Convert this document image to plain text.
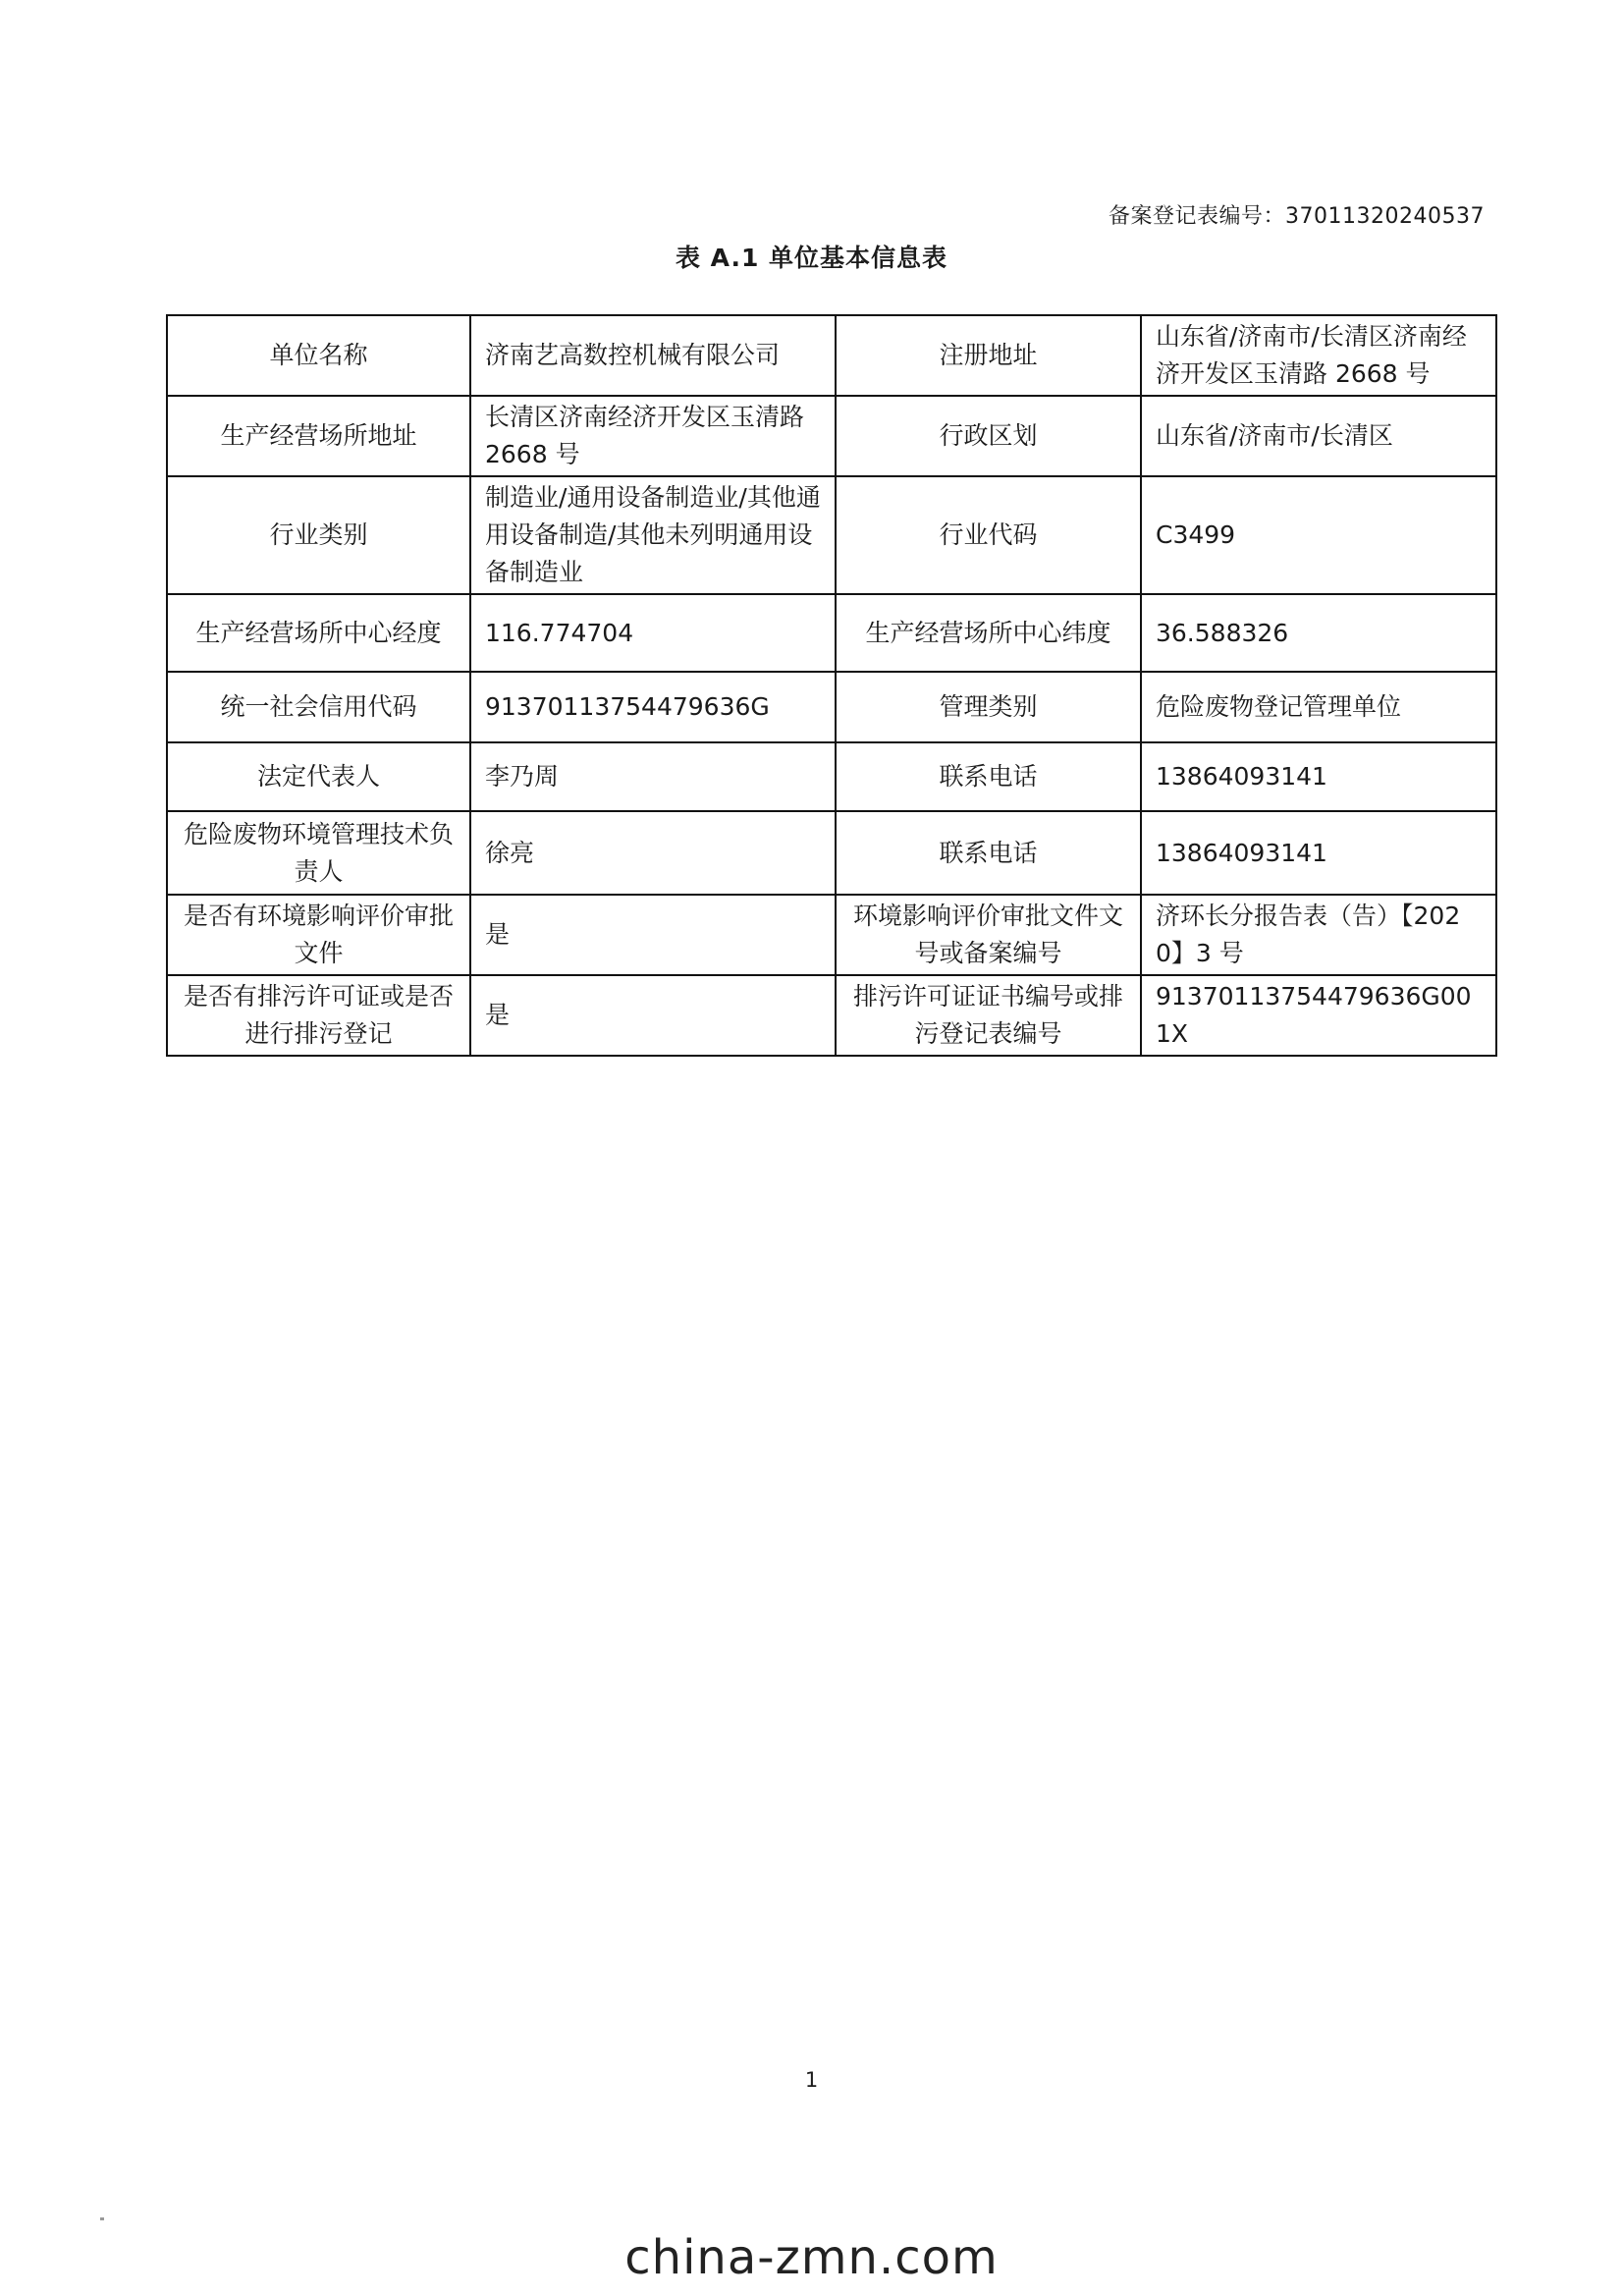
备案登记表编号：37011320240537
表 A.1 单位基本信息表
单位名称	济南艺高数控机械有限公司	注册地址	山东省/济南市/长清区济南经济开发区玉清路 2668 号
生产经营场所地址	长清区济南经济开发区玉清路 2668 号	行政区划	山东省/济南市/长清区
行业类别	制造业/通用设备制造业/其他通用设备制造/其他未列明通用设备制造业	行业代码	C3499
生产经营场所中心经度	116.774704	生产经营场所中心纬度	36.588326
统一社会信用代码	91370113754479636G	管理类别	危险废物登记管理单位
法定代表人	李乃周	联系电话	13864093141
危险废物环境管理技术负责人	徐亮	联系电话	13864093141
是否有环境影响评价审批文件	是	环境影响评价审批文件文号或备案编号	济环长分报告表（告）【2020】3 号
是否有排污许可证或是否进行排污登记	是	排污许可证证书编号或排污登记表编号	91370113754479636G001X
1
china-zmn.com
